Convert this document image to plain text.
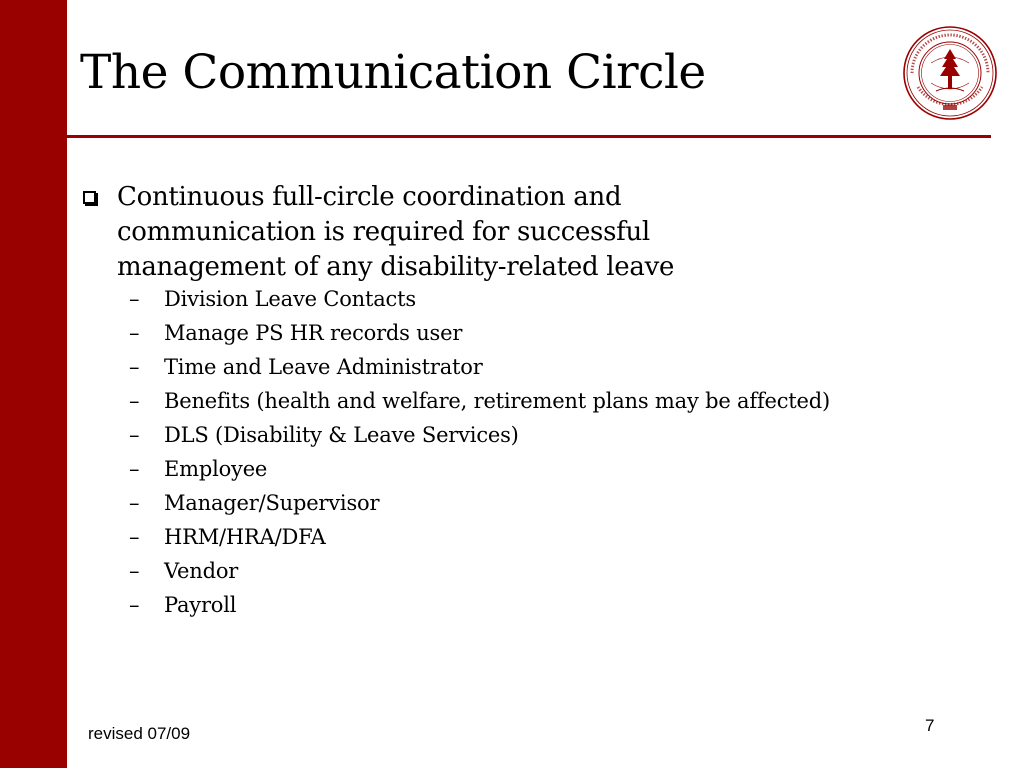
The Communication Circle
Continuous full-circle coordination and communication is required for successful management of any disability-related leave
– Division Leave Contacts
– Manage PS HR records user
– Time and Leave Administrator
– Benefits (health and welfare, retirement plans may be affected)
– DLS (Disability & Leave Services)
– Employee
– Manager/Supervisor
– HRM/HRA/DFA
– Vendor
– Payroll
revised 07/09	7
